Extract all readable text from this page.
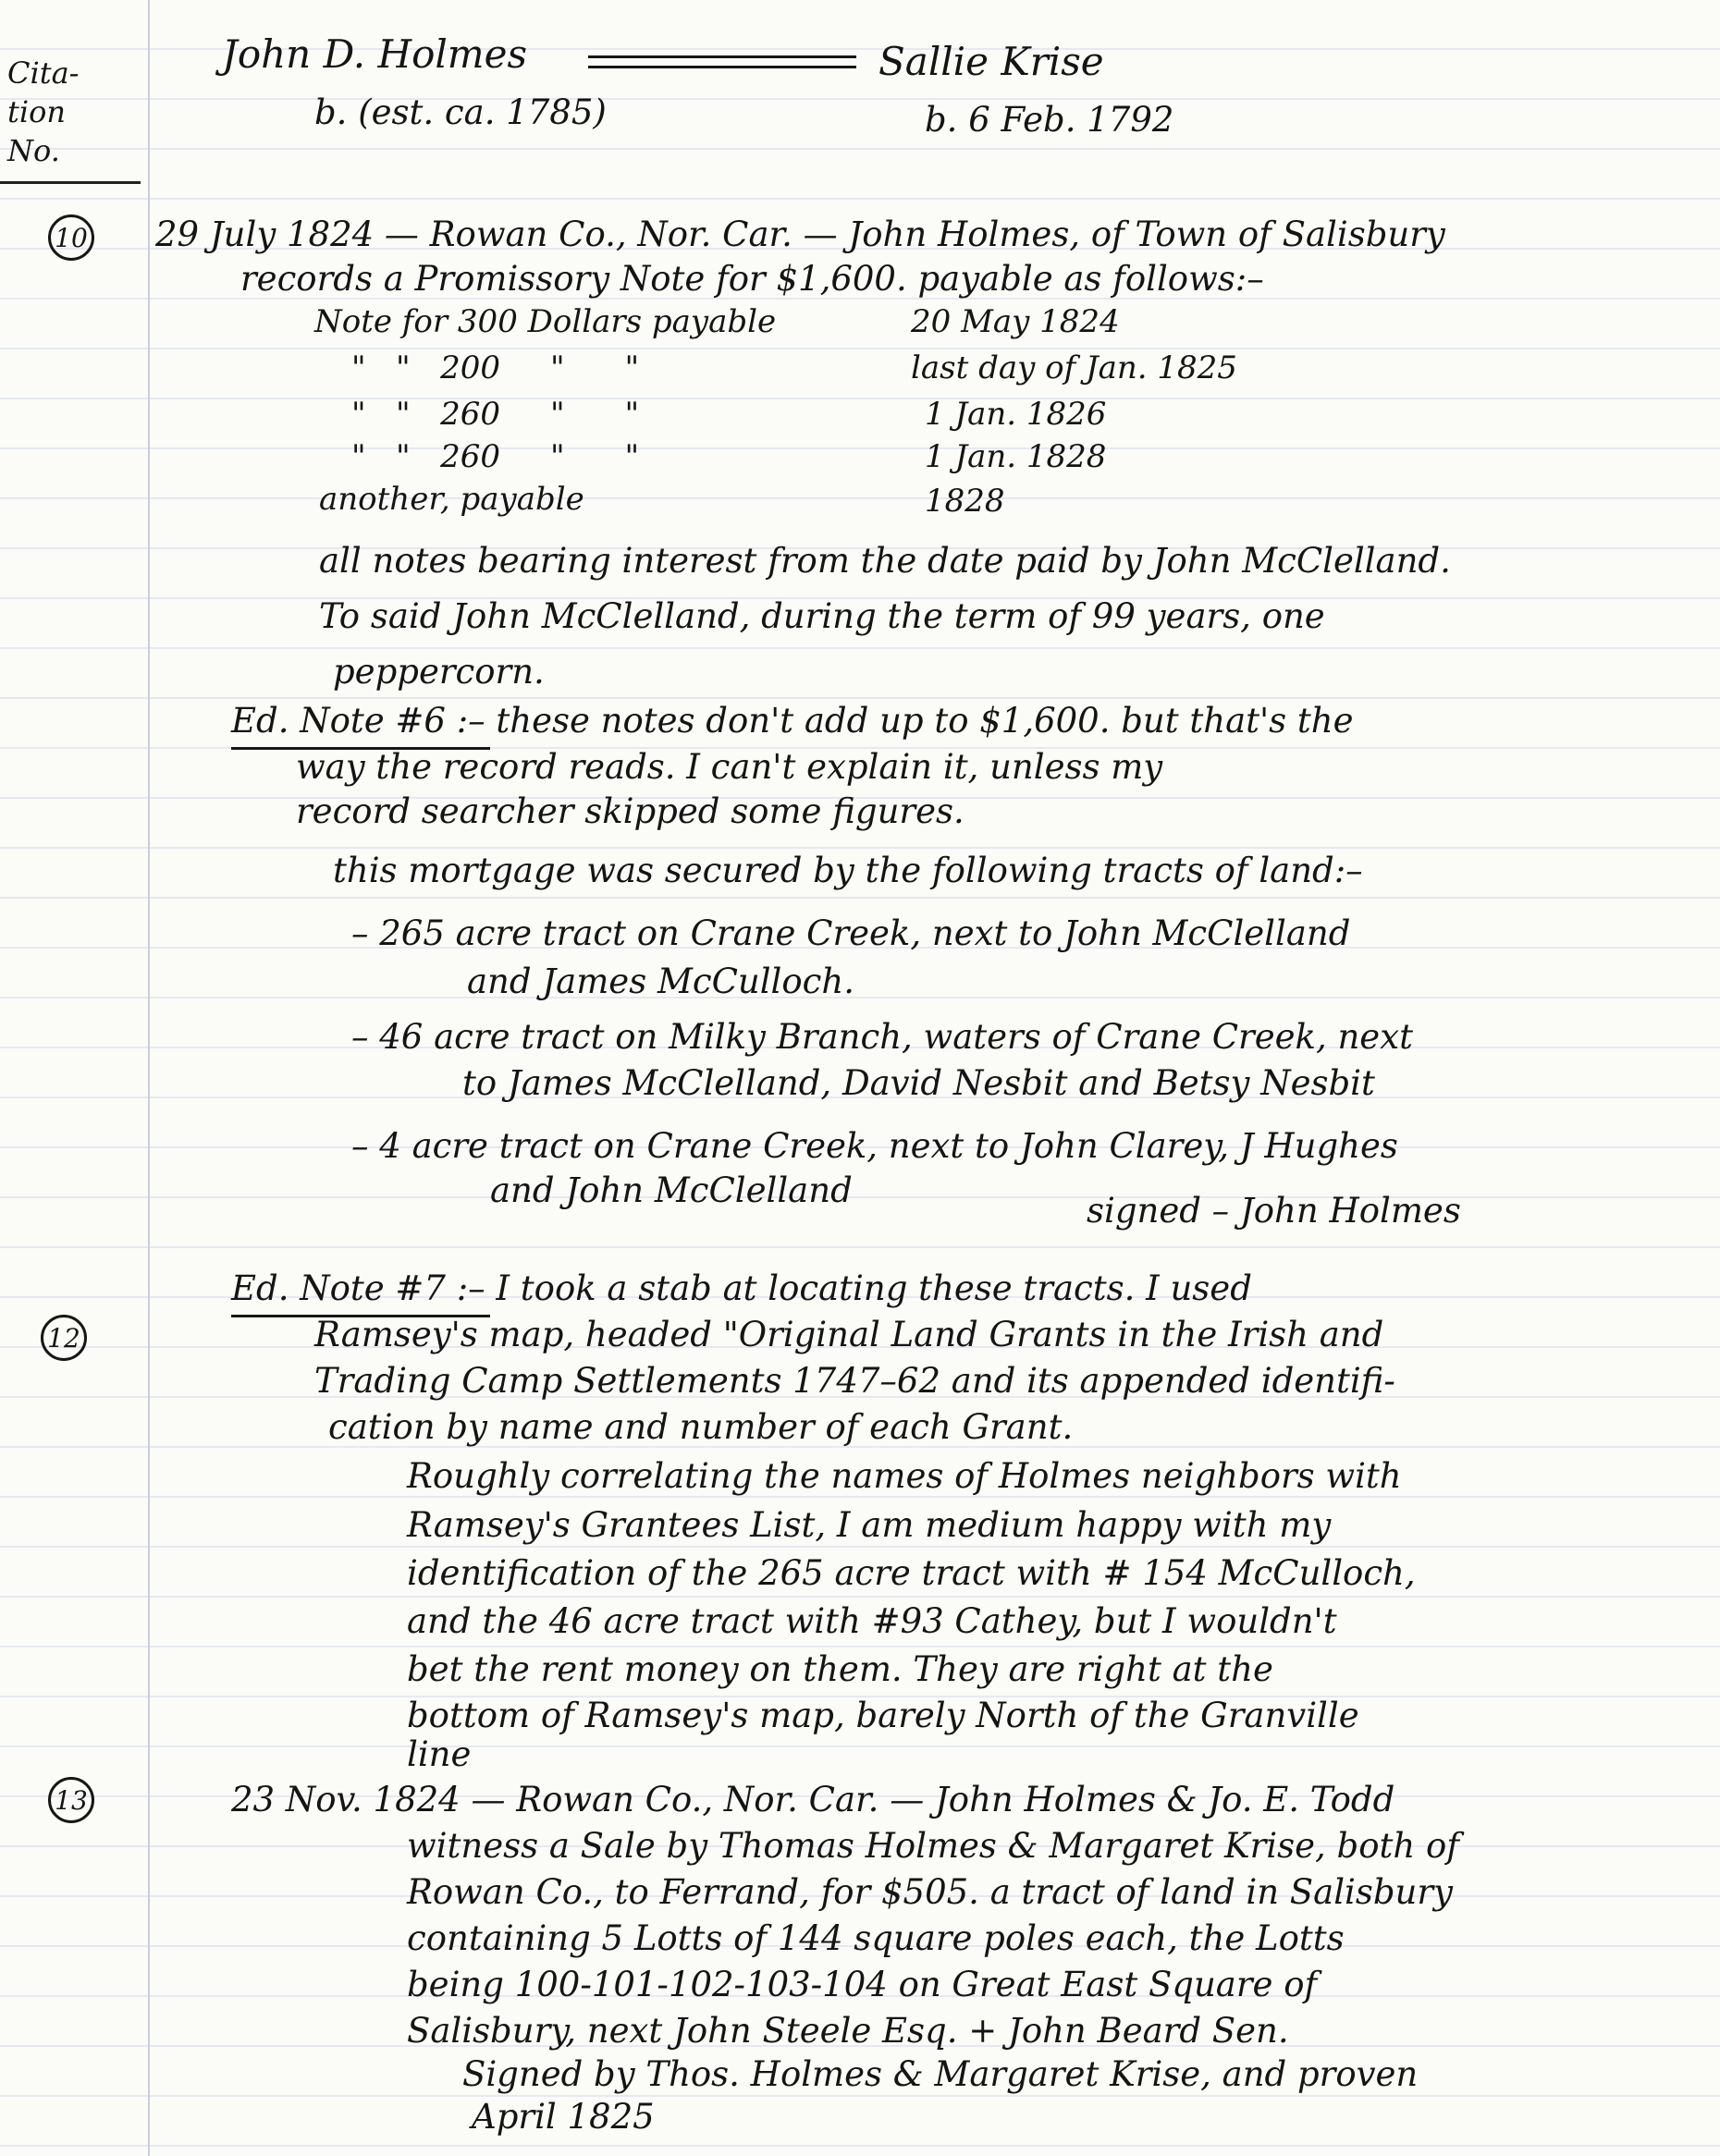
Cita-
tion
No.
John D. Holmes	Sallie Krise
b. (est. ca. 1785)	b. 6 Feb. 1792
10 29 July 1824 — Rowan Co., Nor. Car. — John Holmes, of Town of Salisbury
records a Promissory Note for $1,600. payable as follows:–
Note for 300 Dollars payable	20 May 1824
"   "   200     "      "	last day of Jan. 1825
"   "   260     "      "	1 Jan. 1826
"   "   260     "      "	1 Jan. 1828
another, payable	1828
all notes bearing interest from the date paid by John McClelland.
To said John McClelland, during the term of 99 years, one
peppercorn.
Ed. Note #6 :– these notes don't add up to $1,600. but that's the
way the record reads. I can't explain it, unless my
record searcher skipped some figures.
this mortgage was secured by the following tracts of land:–
– 265 acre tract on Crane Creek, next to John McClelland
and James McCulloch.
– 46 acre tract on Milky Branch, waters of Crane Creek, next
to James McClelland, David Nesbit and Betsy Nesbit
– 4 acre tract on Crane Creek, next to John Clarey, J Hughes
and John McClelland
signed – John Holmes
12
Ed. Note #7 :– I took a stab at locating these tracts. I used
Ramsey's map, headed "Original Land Grants in the Irish and
Trading Camp Settlements 1747–62 and its appended identifi-
cation by name and number of each Grant.
Roughly correlating the names of Holmes neighbors with
Ramsey's Grantees List, I am medium happy with my
identification of the 265 acre tract with # 154 McCulloch,
and the 46 acre tract with #93 Cathey, but I wouldn't
bet the rent money on them. They are right at the
bottom of Ramsey's map, barely North of the Granville
line
13	23 Nov. 1824 — Rowan Co., Nor. Car. — John Holmes & Jo. E. Todd
witness a Sale by Thomas Holmes & Margaret Krise, both of
Rowan Co., to Ferrand, for $505. a tract of land in Salisbury
containing 5 Lotts of 144 square poles each, the Lotts
being 100-101-102-103-104 on Great East Square of
Salisbury, next John Steele Esq. + John Beard Sen.
Signed by Thos. Holmes & Margaret Krise, and proven
April 1825
